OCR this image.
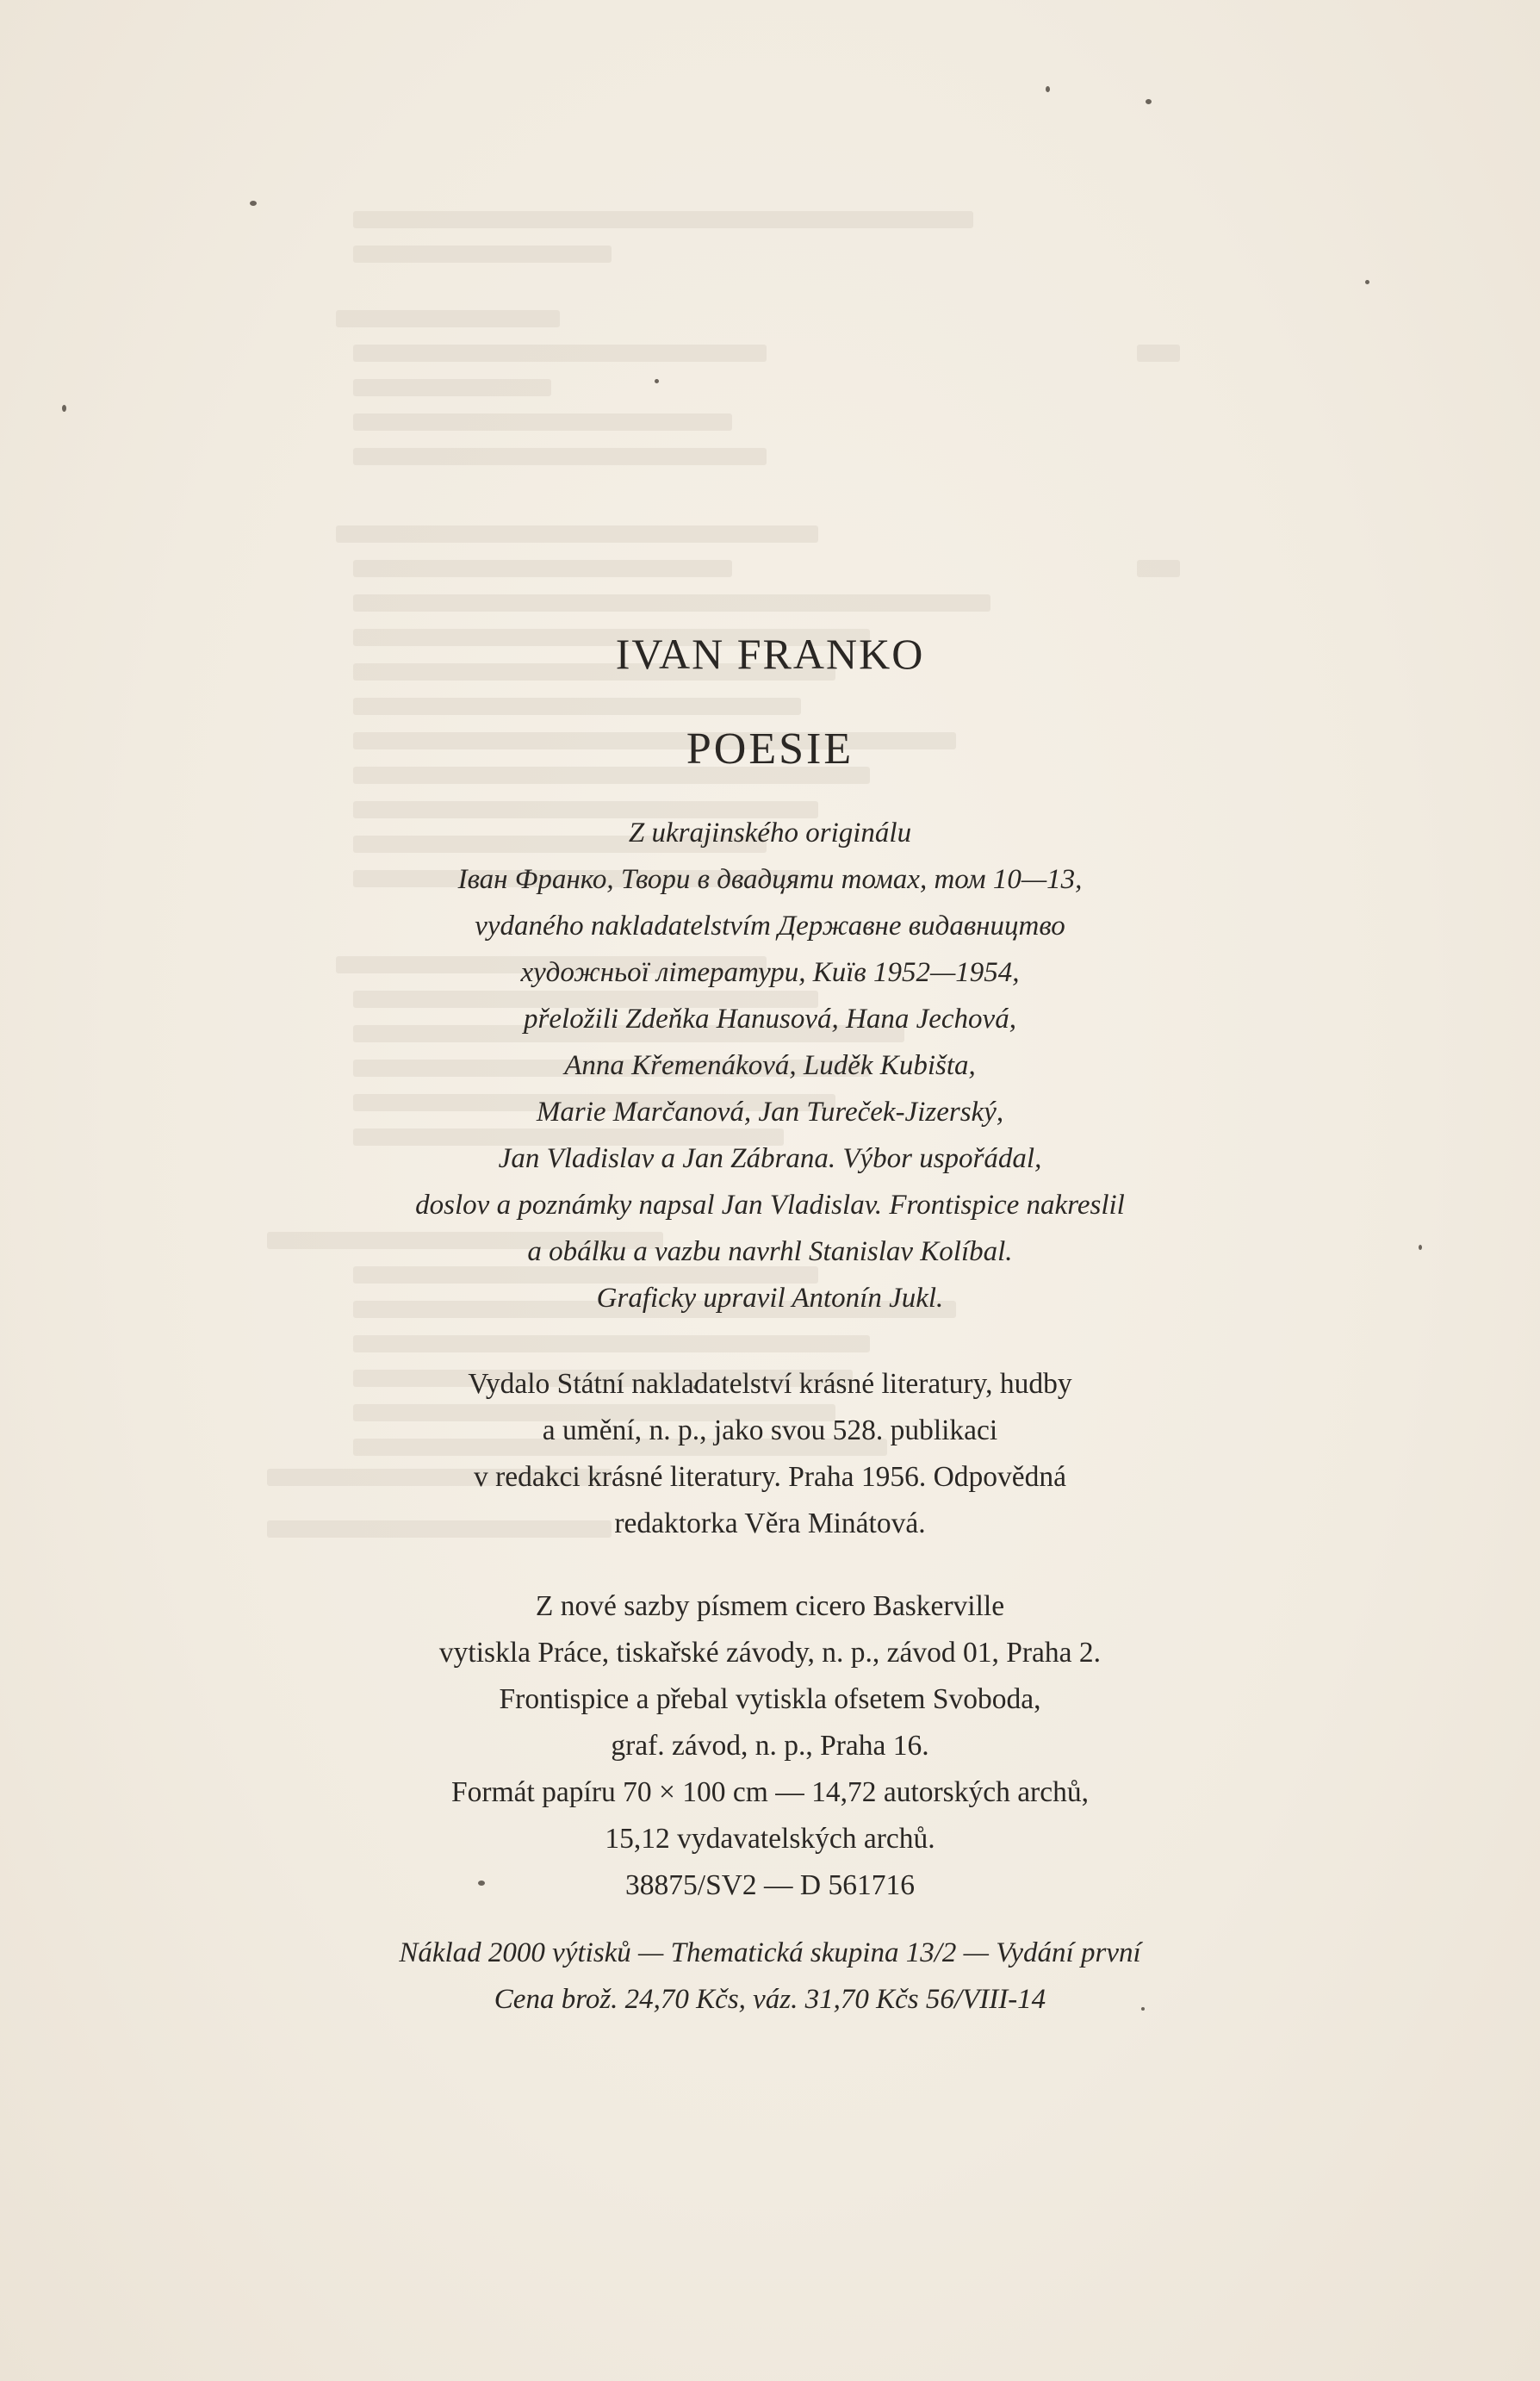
IVAN FRANKO
POESIE
Z ukrajinského originálu
Іван Франко, Твори в двадцяти томах, том 10—13,
vydaného nakladatelstvím Державне видавництво
художньої літератури, Київ 1952—1954,
přeložili Zdeňka Hanusová, Hana Jechová,
Anna Křemenáková, Luděk Kubišta,
Marie Marčanová, Jan Tureček-Jizerský,
Jan Vladislav a Jan Zábrana. Výbor uspořádal,
doslov a poznámky napsal Jan Vladislav. Frontispice nakreslil
a obálku a vazbu navrhl Stanislav Kolíbal.
Graficky upravil Antonín Jukl.
Vydalo Státní nakladatelství krásné literatury, hudby
a umění, n. p., jako svou 528. publikaci
v redakci krásné literatury. Praha 1956. Odpovědná
redaktorka Věra Minátová.
Z nové sazby písmem cicero Baskerville
vytiskla Práce, tiskařské závody, n. p., závod 01, Praha 2.
Frontispice a přebal vytiskla ofsetem Svoboda,
graf. závod, n. p., Praha 16.
Formát papíru 70 × 100 cm — 14,72 autorských archů,
15,12 vydavatelských archů.
38875/SV2 — D 561716
Náklad 2000 výtisků — Thematická skupina 13/2 — Vydání první
Cena brož. 24,70 Kčs, váz. 31,70 Kčs 56/VIII-14
